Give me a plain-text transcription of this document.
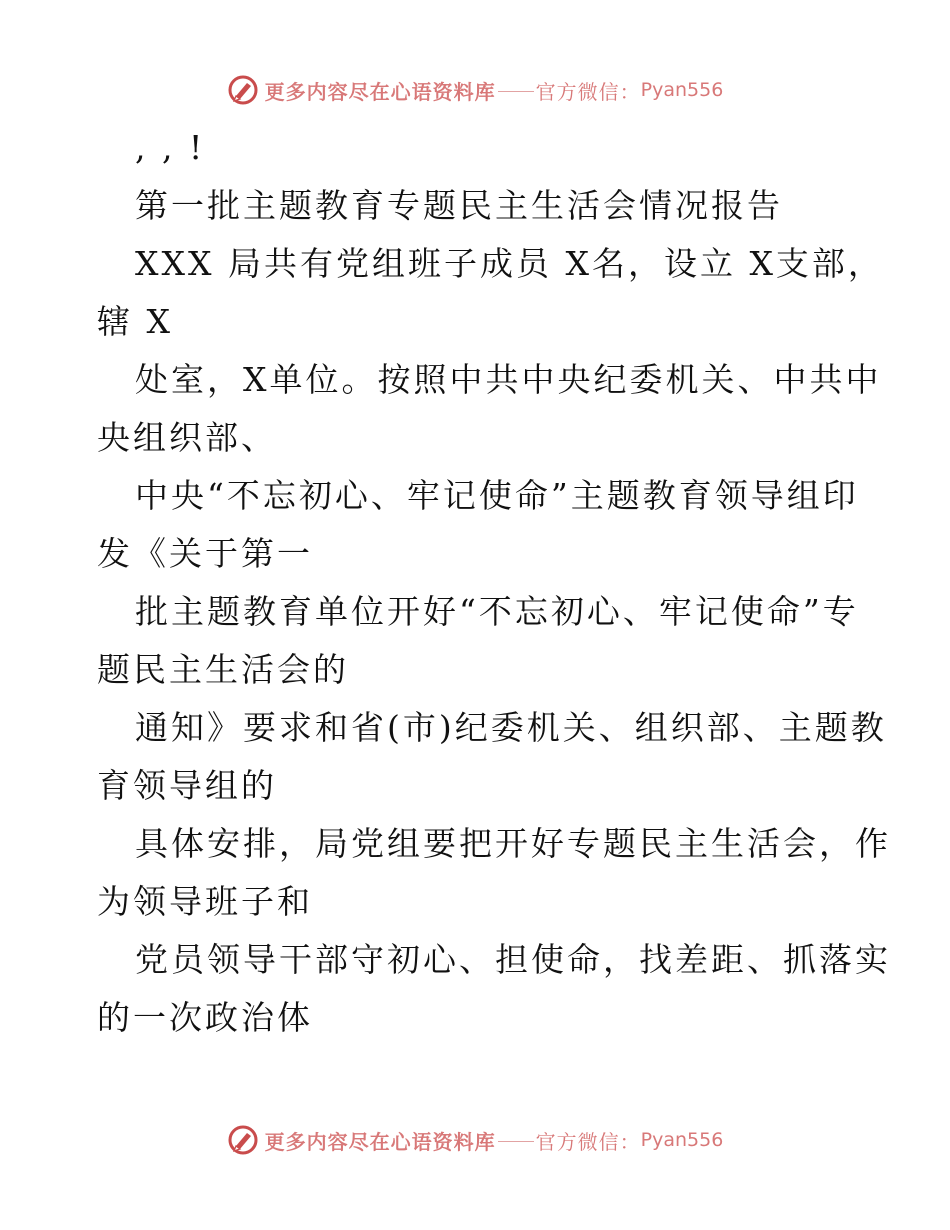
更多内容尽在心语资料库 官方微信： Pyan556
, , !
第一批主题教育专题民主生活会情况报告
XXX 局共有党组班子成员 X名，设立 X支部，
辖 X
处室，X单位。按照中共中央纪委机关、中共中
央组织部、
中央“不忘初心、牢记使命”主题教育领导组印
发《关于第一
批主题教育单位开好“不忘初心、牢记使命”专
题民主生活会的
通知》要求和省(市)纪委机关、组织部、主题教
育领导组的
具体安排，局党组要把开好专题民主生活会，作
为领导班子和
党员领导干部守初心、担使命，找差距、抓落实
的一次政治体
更多内容尽在心语资料库 官方微信： Pyan556
